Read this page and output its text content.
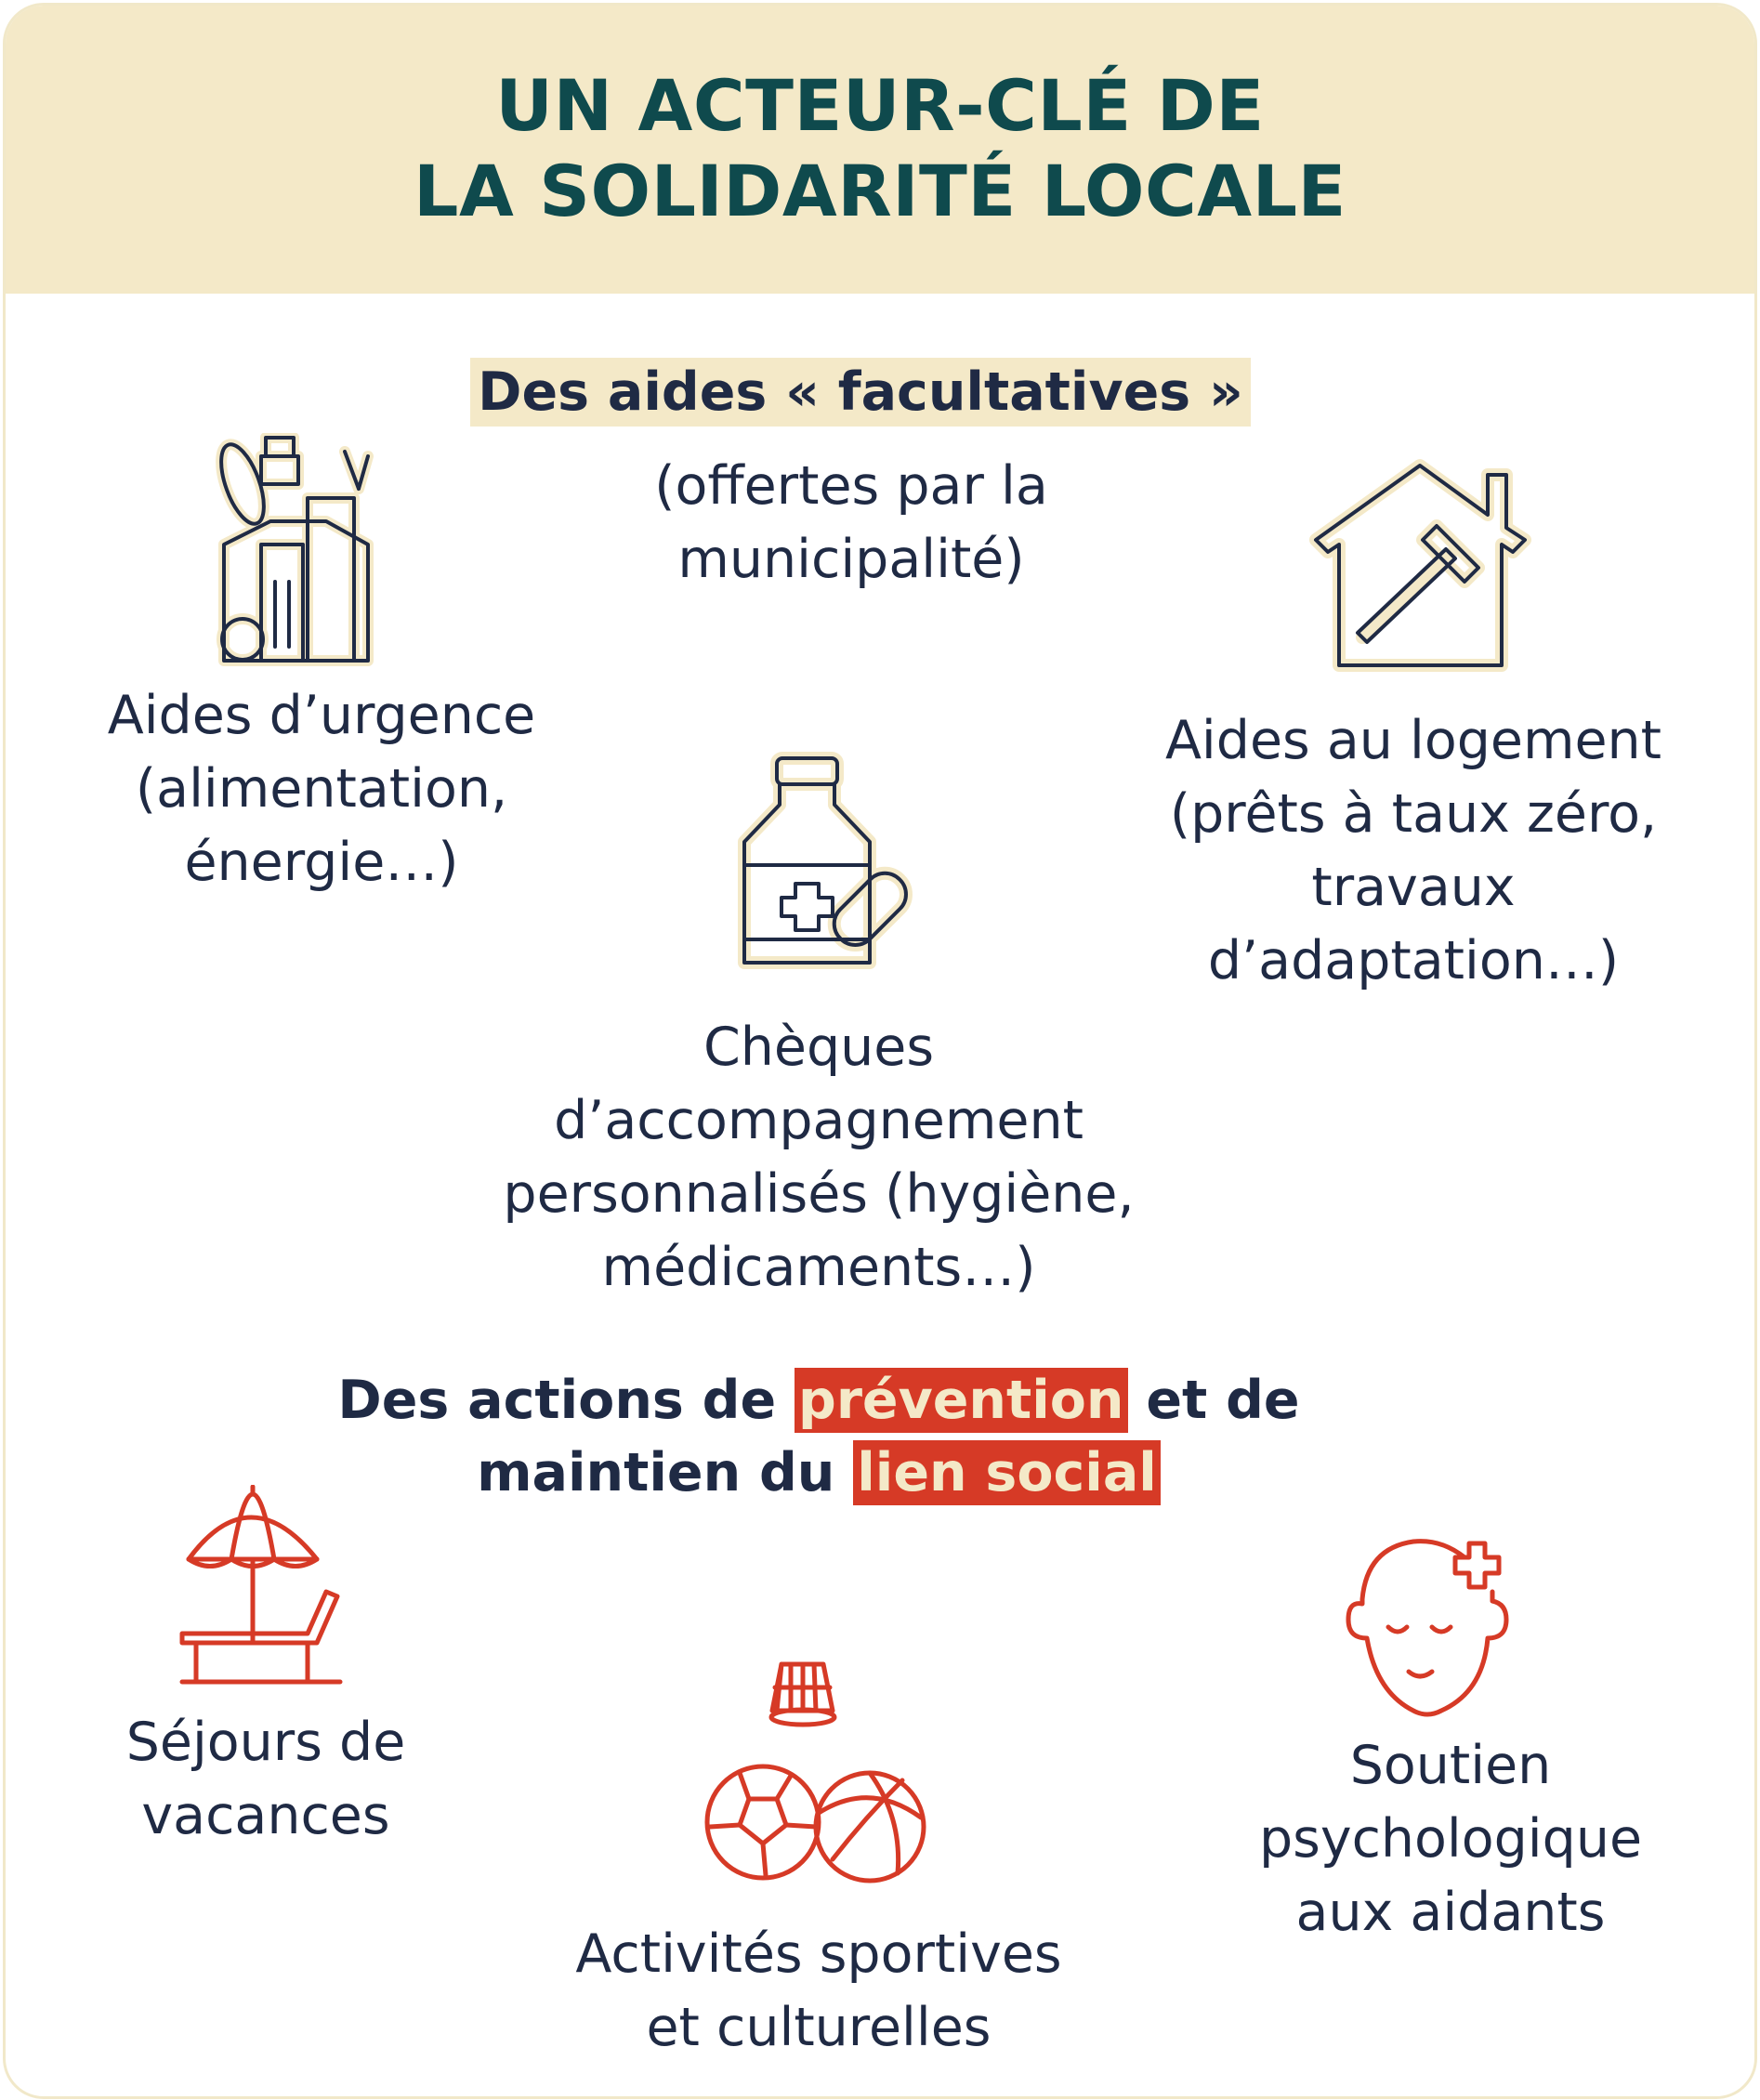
UN ACTEUR-CLÉ DE
LA SOLIDARITÉ LOCALE
Des aides « facultatives »
(offertes par la
municipalité)
Aides d’urgence
(alimentation,
énergie…)
Aides au logement
(prêts à taux zéro,
travaux
d’adaptation…)
Chèques
d’accompagnement
personnalisés (hygiène,
médicaments…)
Des actions de prévention et de
maintien du lien social
Séjours de
vacances
Activités sportives
et culturelles
Soutien
psychologique
aux aidants
